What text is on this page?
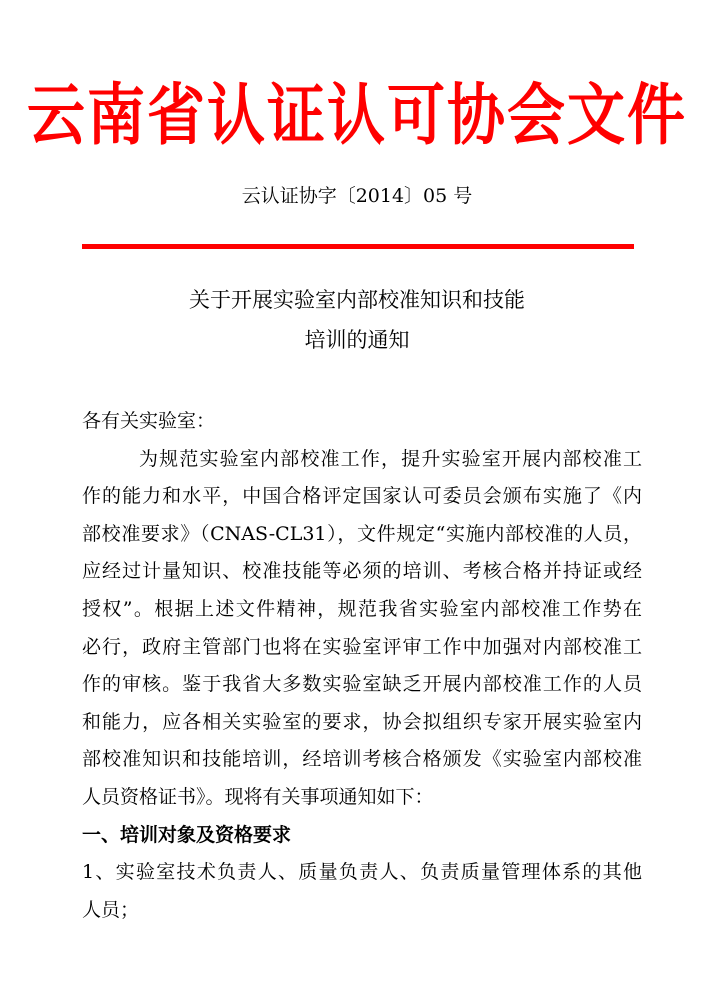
云南省认证认可协会文件
云认证协字〔2014〕05 号
关于开展实验室内部校准知识和技能
培训的通知
各有关实验室：
为规范实验室内部校准工作，提升实验室开展内部校准工
作的能力和水平，中国合格评定国家认可委员会颁布实施了《内
部校准要求》（CNAS-CL31），文件规定“实施内部校准的人员，
应经过计量知识、校准技能等必须的培训、考核合格并持证或经
授权”。根据上述文件精神，规范我省实验室内部校准工作势在
必行，政府主管部门也将在实验室评审工作中加强对内部校准工
作的审核。鉴于我省大多数实验室缺乏开展内部校准工作的人员
和能力，应各相关实验室的要求，协会拟组织专家开展实验室内
部校准知识和技能培训，经培训考核合格颁发《实验室内部校准
人员资格证书》。现将有关事项通知如下：
一、培训对象及资格要求
1、实验室技术负责人、质量负责人、负责质量管理体系的其他
人员；
